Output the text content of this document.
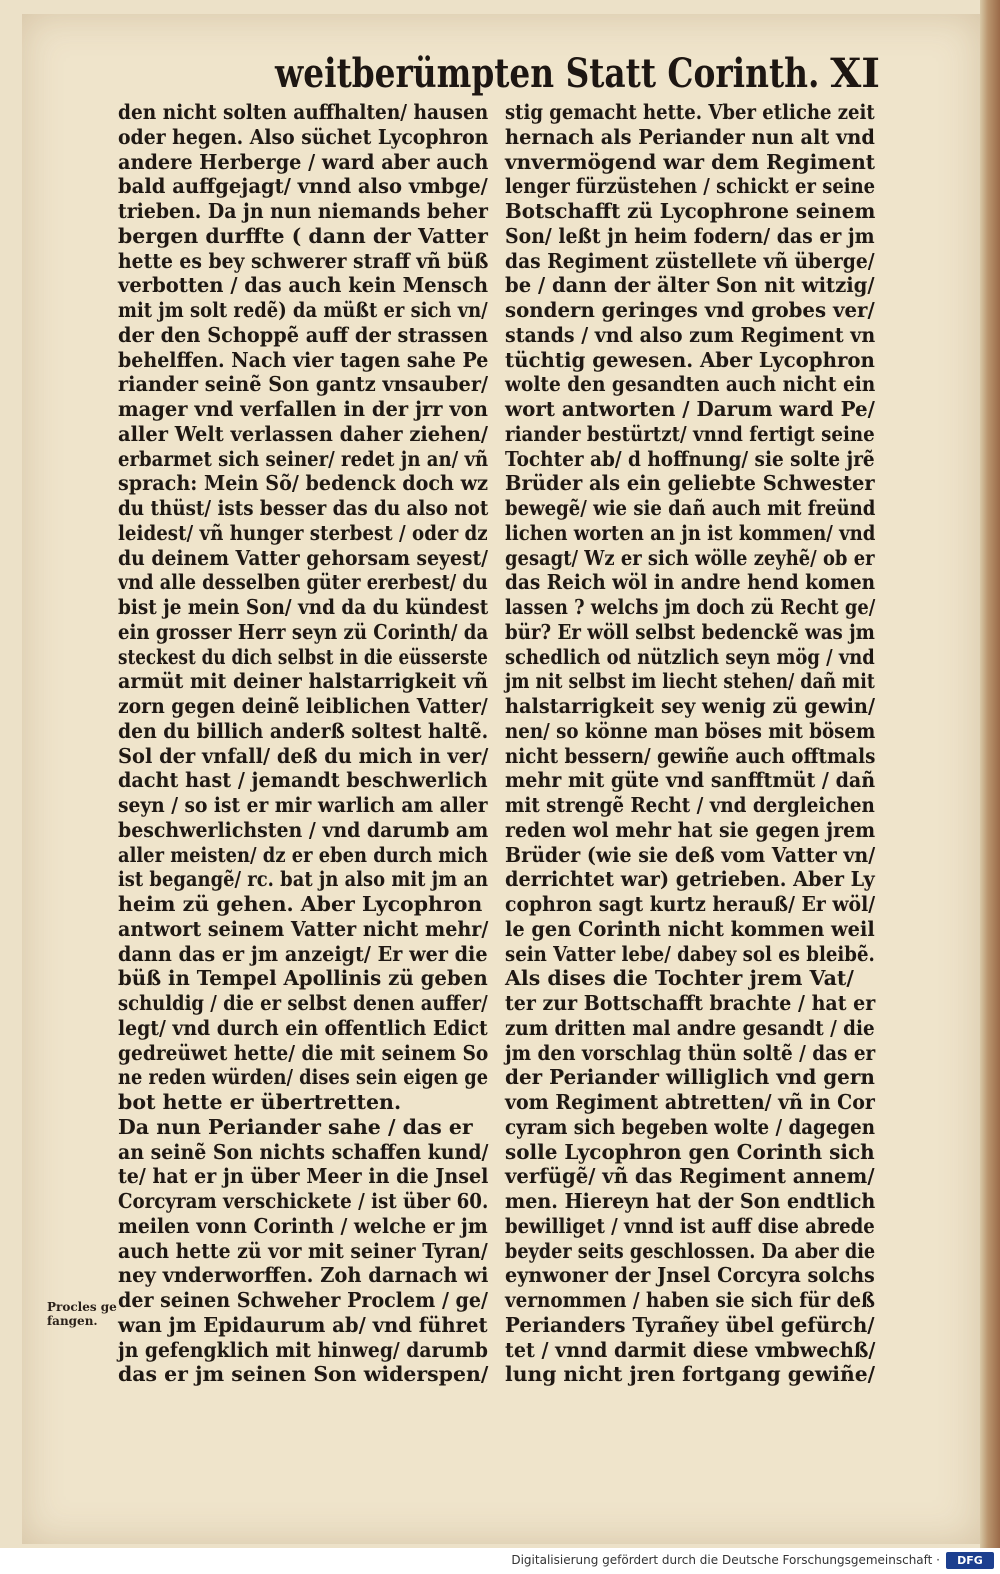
weitberümpten Statt Corinth. XI
den nicht solten auffhalten/ hausen
oder hegen. Also süchet Lycophron
andere Herberge / ward aber auch
bald auffgejagt/ vnnd also vmbge/
trieben. Da jn nun niemands beher
bergen durffte ( dann der Vatter
hette es bey schwerer straff vñ büß
verbotten / das auch kein Mensch
mit jm solt redẽ) da müßt er sich vn/
der den Schoppẽ auff der strassen
behelffen. Nach vier tagen sahe Pe
riander seinẽ Son gantz vnsauber/
mager vnd verfallen in der jrr von
aller Welt verlassen daher ziehen/
erbarmet sich seiner/ redet jn an/ vñ
sprach: Mein Sõ/ bedenck doch wz
du thüst/ ists besser das du also not
leidest/ vñ hunger sterbest / oder dz
du deinem Vatter gehorsam seyest/
vnd alle desselben güter ererbest/ du
bist je mein Son/ vnd da du kündest
ein grosser Herr seyn zü Corinth/ da
steckest du dich selbst in die eüsserste
armüt mit deiner halstarrigkeit vñ
zorn gegen deinẽ leiblichen Vatter/
den du billich anderß soltest haltẽ.
Sol der vnfall/ deß du mich in ver/
dacht hast / jemandt beschwerlich
seyn / so ist er mir warlich am aller
beschwerlichsten / vnd darumb am
aller meisten/ dz er eben durch mich
ist begangẽ/ rc. bat jn also mit jm an
heim zü gehen. Aber Lycophron
antwort seinem Vatter nicht mehr/
dann das er jm anzeigt/ Er wer die
büß in Tempel Apollinis zü geben
schuldig / die er selbst denen auffer/
legt/ vnd durch ein offentlich Edict
gedreüwet hette/ die mit seinem So
ne reden würden/ dises sein eigen ge
bot hette er übertretten.
Da nun Periander sahe / das er
an seinẽ Son nichts schaffen kund/
te/ hat er jn über Meer in die Jnsel
Corcyram verschickete / ist über 60.
meilen vonn Corinth / welche er jm
auch hette zü vor mit seiner Tyran/
ney vnderworffen. Zoh darnach wi
der seinen Schweher Proclem / ge/
wan jm Epidaurum ab/ vnd führet
jn gefengklich mit hinweg/ darumb
das er jm seinen Son widerspen/
stig gemacht hette. Vber etliche zeit
hernach als Periander nun alt vnd
vnvermögend war dem Regiment
lenger fürzüstehen / schickt er seine
Botschafft zü Lycophrone seinem
Son/ leßt jn heim fodern/ das er jm
das Regiment züstellete vñ überge/
be / dann der älter Son nit witzig/
sondern geringes vnd grobes ver/
stands / vnd also zum Regiment vn
tüchtig gewesen. Aber Lycophron
wolte den gesandten auch nicht ein
wort antworten / Darum ward Pe/
riander bestürtzt/ vnnd fertigt seine
Tochter ab/ d hoffnung/ sie solte jrẽ
Brüder als ein geliebte Schwester
bewegẽ/ wie sie dañ auch mit freünd
lichen worten an jn ist kommen/ vnd
gesagt/ Wz er sich wölle zeyhẽ/ ob er
das Reich wöl in andre hend komen
lassen ? welchs jm doch zü Recht ge/
bür? Er wöll selbst bedenckẽ was jm
schedlich od nützlich seyn mög / vnd
jm nit selbst im liecht stehen/ dañ mit
halstarrigkeit sey wenig zü gewin/
nen/ so könne man böses mit bösem
nicht bessern/ gewiñe auch offtmals
mehr mit güte vnd sanfftmüt / dañ
mit strengẽ Recht / vnd dergleichen
reden wol mehr hat sie gegen jrem
Brüder (wie sie deß vom Vatter vn/
derrichtet war) getrieben. Aber Ly
cophron sagt kurtz herauß/ Er wöl/
le gen Corinth nicht kommen weil
sein Vatter lebe/ dabey sol es bleibẽ.
Als dises die Tochter jrem Vat/
ter zur Bottschafft brachte / hat er
zum dritten mal andre gesandt / die
jm den vorschlag thün soltẽ / das er
der Periander williglich vnd gern
vom Regiment abtretten/ vñ in Cor
cyram sich begeben wolte / dagegen
solle Lycophron gen Corinth sich
verfügẽ/ vñ das Regiment annem/
men. Hiereyn hat der Son endtlich
bewilliget / vnnd ist auff dise abrede
beyder seits geschlossen. Da aber die
eynwoner der Jnsel Corcyra solchs
vernommen / haben sie sich für deß
Perianders Tyrañey übel gefürch/
tet / vnnd darmit diese vmbwechß/
lung nicht jren fortgang gewiñe/
Procles ge fangen.
Digitalisierung gefördert durch die Deutsche Forschungsgemeinschaft ·	DFG
